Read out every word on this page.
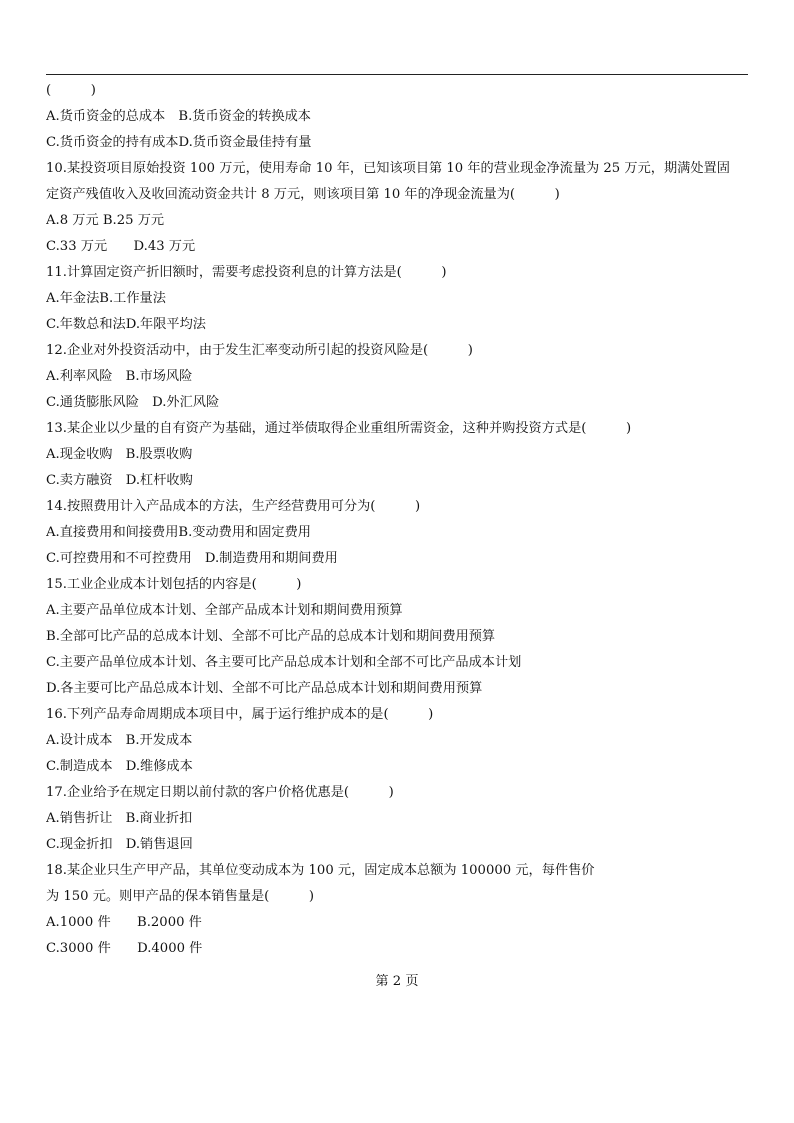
(　　　)
A.货币资金的总成本　B.货币资金的转换成本
C.货币资金的持有成本D.货币资金最佳持有量
10.某投资项目原始投资 100 万元，使用寿命 10 年，已知该项目第 10 年的营业现金净流量为 25 万元，期满处置固
定资产残值收入及收回流动资金共计 8 万元，则该项目第 10 年的净现金流量为(　　　)
A.8 万元 B.25 万元
C.33 万元　　D.43 万元
11.计算固定资产折旧额时，需要考虑投资利息的计算方法是(　　　)
A.年金法B.工作量法
C.年数总和法D.年限平均法
12.企业对外投资活动中，由于发生汇率变动所引起的投资风险是(　　　)
A.利率风险　B.市场风险
C.通货膨胀风险　D.外汇风险
13.某企业以少量的自有资产为基础，通过举债取得企业重组所需资金，这种并购投资方式是(　　　)
A.现金收购　B.股票收购
C.卖方融资　D.杠杆收购
14.按照费用计入产品成本的方法，生产经营费用可分为(　　　)
A.直接费用和间接费用B.变动费用和固定费用
C.可控费用和不可控费用　D.制造费用和期间费用
15.工业企业成本计划包括的内容是(　　　)
A.主要产品单位成本计划、全部产品成本计划和期间费用预算
B.全部可比产品的总成本计划、全部不可比产品的总成本计划和期间费用预算
C.主要产品单位成本计划、各主要可比产品总成本计划和全部不可比产品成本计划
D.各主要可比产品总成本计划、全部不可比产品总成本计划和期间费用预算
16.下列产品寿命周期成本项目中，属于运行维护成本的是(　　　)
A.设计成本　B.开发成本
C.制造成本　D.维修成本
17.企业给予在规定日期以前付款的客户价格优惠是(　　　)
A.销售折让　B.商业折扣
C.现金折扣　D.销售退回
18.某企业只生产甲产品，其单位变动成本为 100 元，固定成本总额为 100000 元，每件售价
为 150 元。则甲产品的保本销售量是(　　　)
A.1000 件　　B.2000 件
C.3000 件　　D.4000 件
第 2 页
